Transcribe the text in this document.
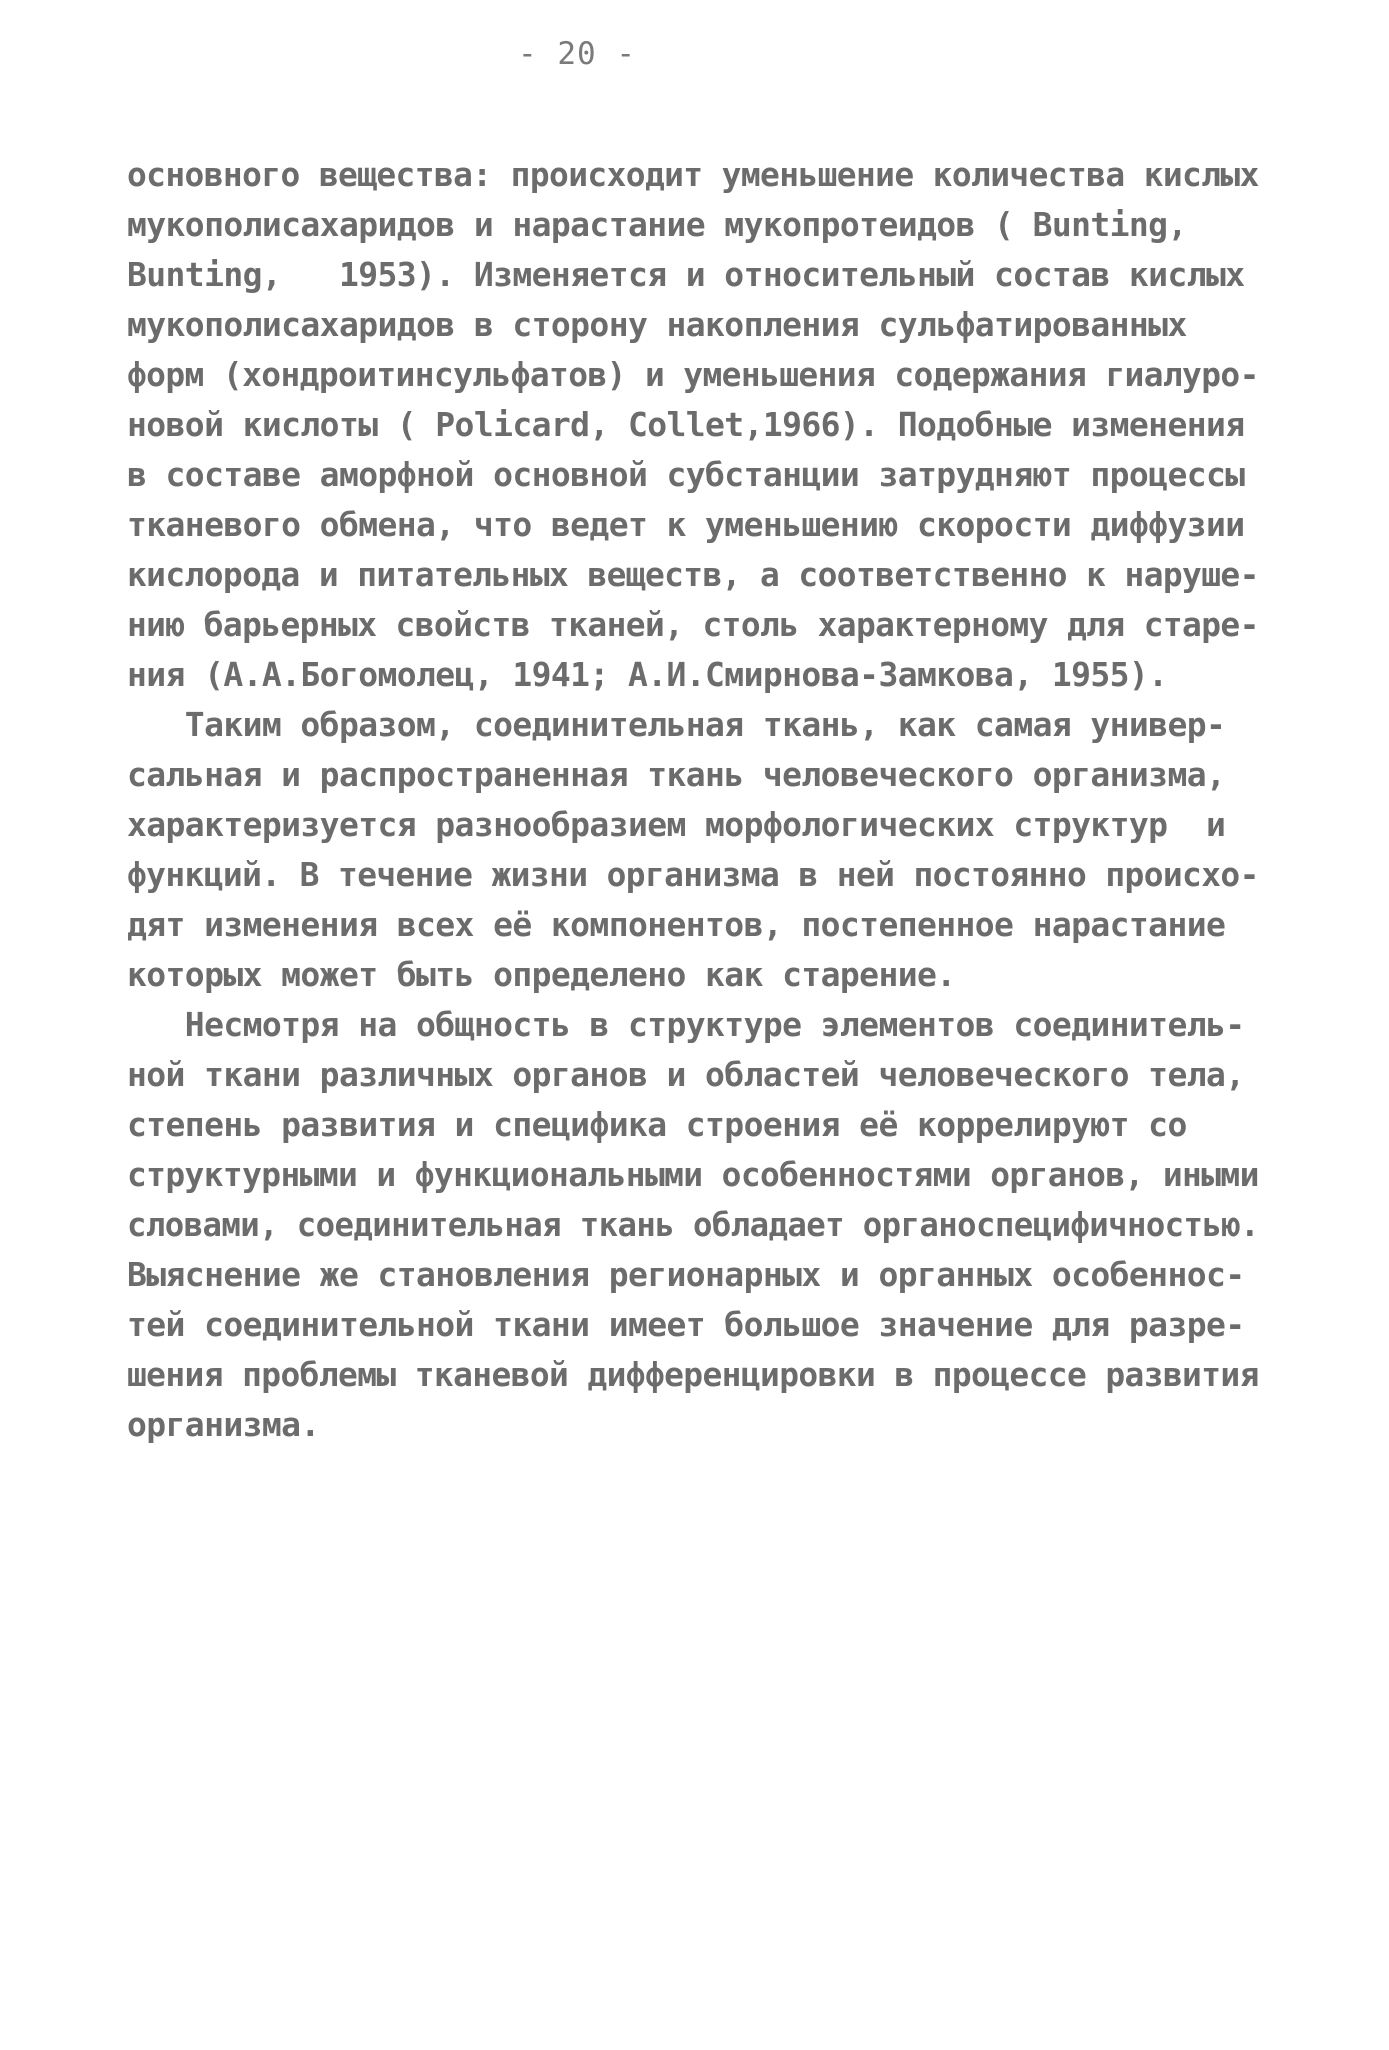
- 20 -
основного вещества: происходит уменьшение количества кислых
мукополисахаридов и нарастание мукопротеидов ( Bunting,
Bunting,   1953). Изменяется и относительный состав кислых
мукополисахаридов в сторону накопления сульфатированных
форм (хондроитинсульфатов) и уменьшения содержания гиалуро-
новой кислоты ( Policard, Collet,1966). Подобные изменения
в составе аморфной основной субстанции затрудняют процессы
тканевого обмена, что ведет к уменьшению скорости диффузии
кислорода и питательных веществ, а соответственно к наруше-
нию барьерных свойств тканей, столь характерному для старе-
ния (А.А.Богомолец, 1941; А.И.Смирнова-Замкова, 1955).
Таким образом, соединительная ткань, как самая универ-
сальная и распространенная ткань человеческого организма,
характеризуется разнообразием морфологических структур  и
функций. В течение жизни организма в ней постоянно происхо-
дят изменения всех её компонентов, постепенное нарастание
которых может быть определено как старение.
Несмотря на общность в структуре элементов соединитель-
ной ткани различных органов и областей человеческого тела,
степень развития и специфика строения её коррелируют со
структурными и функциональными особенностями органов, иными
словами, соединительная ткань обладает органоспецифичностью.
Выяснение же становления регионарных и органных особеннос-
тей соединительной ткани имеет большое значение для разре-
шения проблемы тканевой дифференцировки в процессе развития
организма.
